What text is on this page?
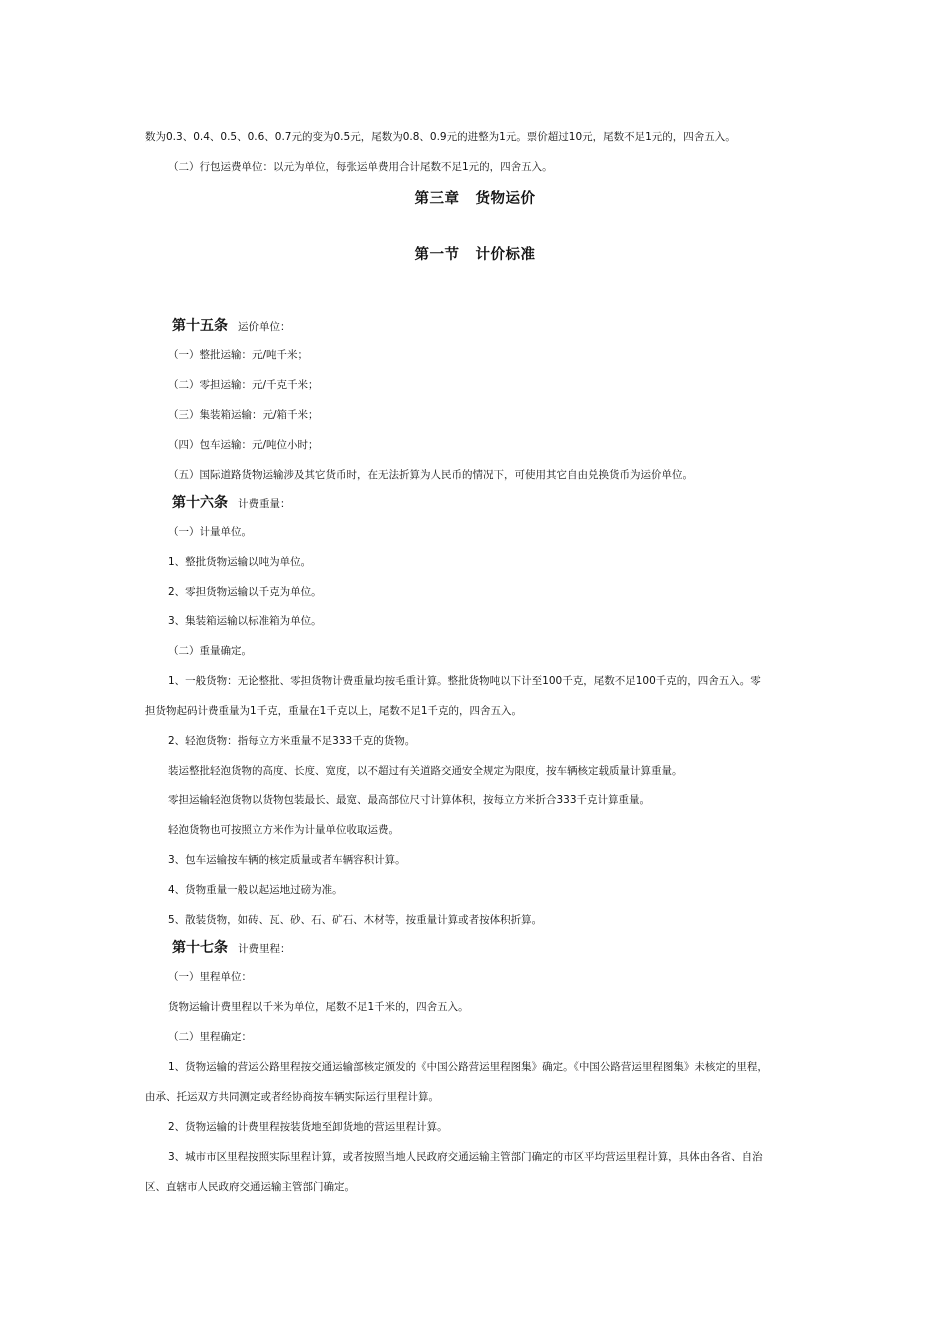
数为0.3、0.4、0.5、0.6、0.7元的变为0.5元，尾数为0.8、0.9元的进整为1元。票价超过10元，尾数不足1元的，四舍五入。
（二）行包运费单位：以元为单位，每张运单费用合计尾数不足1元的，四舍五入。
第三章 货物运价
第一节 计价标准
第十五条 运价单位：
（一）整批运输：元/吨千米；
（二）零担运输：元/千克千米；
（三）集装箱运输：元/箱千米；
（四）包车运输：元/吨位小时；
（五）国际道路货物运输涉及其它货币时，在无法折算为人民币的情况下，可使用其它自由兑换货币为运价单位。
第十六条 计费重量：
（一）计量单位。
1、整批货物运输以吨为单位。
2、零担货物运输以千克为单位。
3、集装箱运输以标准箱为单位。
（二）重量确定。
1、一般货物：无论整批、零担货物计费重量均按毛重计算。整批货物吨以下计至100千克，尾数不足100千克的，四舍五入。零
担货物起码计费重量为1千克，重量在1千克以上，尾数不足1千克的，四舍五入。
2、轻泡货物：指每立方米重量不足333千克的货物。
装运整批轻泡货物的高度、长度、宽度，以不超过有关道路交通安全规定为限度，按车辆核定载质量计算重量。
零担运输轻泡货物以货物包装最长、最宽、最高部位尺寸计算体积，按每立方米折合333千克计算重量。
轻泡货物也可按照立方米作为计量单位收取运费。
3、包车运输按车辆的核定质量或者车辆容积计算。
4、货物重量一般以起运地过磅为准。
5、散装货物，如砖、瓦、砂、石、矿石、木材等，按重量计算或者按体积折算。
第十七条 计费里程：
（一）里程单位：
货物运输计费里程以千米为单位，尾数不足1千米的，四舍五入。
（二）里程确定：
1、货物运输的营运公路里程按交通运输部核定颁发的《中国公路营运里程图集》确定。《中国公路营运里程图集》未核定的里程，
由承、托运双方共同测定或者经协商按车辆实际运行里程计算。
2、货物运输的计费里程按装货地至卸货地的营运里程计算。
3、城市市区里程按照实际里程计算，或者按照当地人民政府交通运输主管部门确定的市区平均营运里程计算，具体由各省、自治
区、直辖市人民政府交通运输主管部门确定。
